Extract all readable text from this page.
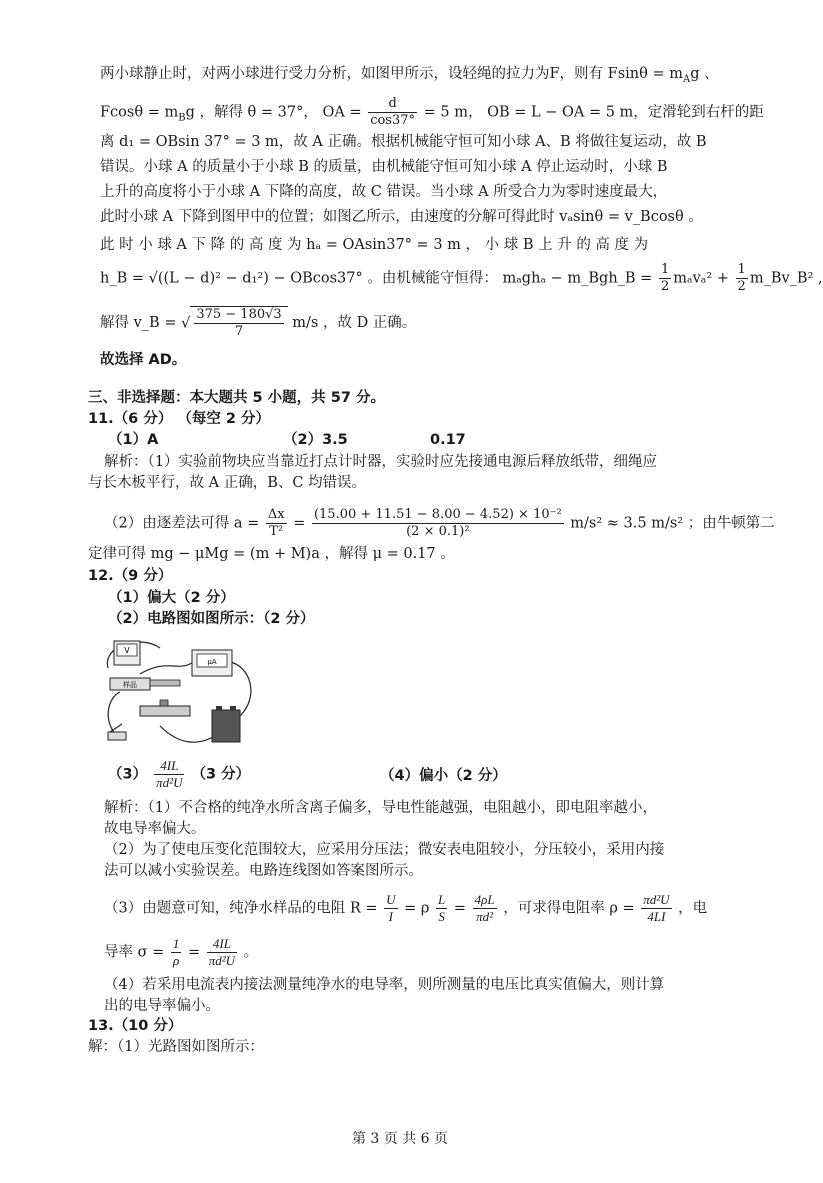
两小球静止时，对两小球进行受力分析，如图甲所示，设轻绳的拉力为F，则有 $Fsin\theta = m_Ag$ 、
$Fcos\theta = m_Bg$ ，解得 θ = 37°， OA = $\frac{d}{\cos 37^\circ} = 5$ m， OB = L − OA = 5 m，定滑轮到右杆的距
离 d₁ = OBsin 37° = 3 m，故 A 正确。根据机械能守恒可知小球 A、B 将做往复运动，故 B
错误。小球 A 的质量小于小球 B 的质量，由机械能守恒可知小球 A 停止运动时，小球 B
上升的高度将小于小球 A 下降的高度，故 C 错误。当小球 A 所受合力为零时速度最大，
此时小球 A 下降到图甲中的位置；如图乙所示，由速度的分解可得此时 vₐsinθ = v_Bcosθ 。
此 时 小 球 A 下 降 的 高 度 为 hₐ = OAsin37° = 3 m ， 小 球 B 上 升 的 高 度 为
h_B = √((L − d)² − d₁²) − OBcos37° 。由机械能守恒得： mₐghₐ − m_Bgh_B = $\frac{1}{2} m_av_a^2 + \frac{1}{2}$ m_Bv_B² ,
解得 v_B = √ $\frac{375 - 180√3}{7} m/s$ ，故 D 正确。
故选择 AD。
三、非选择题：本大题共 5 小题，共 57 分。
11.（6 分） （每空 2 分）
（1）A	（2）3.5	0.17
解析：（1）实验前物块应当靠近打点计时器，实验时应先接通电源后释放纸带，细绳应
与长木板平行，故 A 正确，B、C 均错误。
（2）由逐差法可得 $a = \frac{\Delta x}{\text{T²}} = \frac{\text{(15.00 + 11.51 − 8.00 − 4.52) × 10⁻²}}{\text{(2 × 0.1)²}} m/s^2 \approx 3.5$ m/s² ；由牛顿第二
定律可得 mg − μMg = (m + M)a ，解得 μ = 0.17 。
12.（9 分）
（1）偏大（2 分）
（2）电路图如图所示：（2 分）
V
μA
样品
$(3) \frac{4IL}{\text{πd²U}} (3$ 分）	（4）偏小（2 分）
解析：（1）不合格的纯净水所含离子偏多，导电性能越强，电阻越小，即电阻率越小，
故电导率偏大。
（2）为了使电压变化范围较大，应采用分压法；微安表电阻较小，分压较小，采用内接
法可以减小实验误差。电路连线图如答案图所示。
（3）由题意可知，纯净水样品的电阻 $R = \frac{U}{I} = \rho \frac{L}{S} = \frac{4\rho L}{\text{πd²}}$ ，可求得电阻率 $\rho = \frac{\text{πd²U}}{4LI}$ ，电
导率 $\sigma = \frac{1}{\rho} = \frac{4IL}{\text{πd²U}}$ 。
（4）若采用电流表内接法测量纯净水的电导率，则所测量的电压比真实值偏大，则计算
出的电导率偏小。
13.（10 分）
解：（1）光路图如图所示：
第 3 页 共 6 页
